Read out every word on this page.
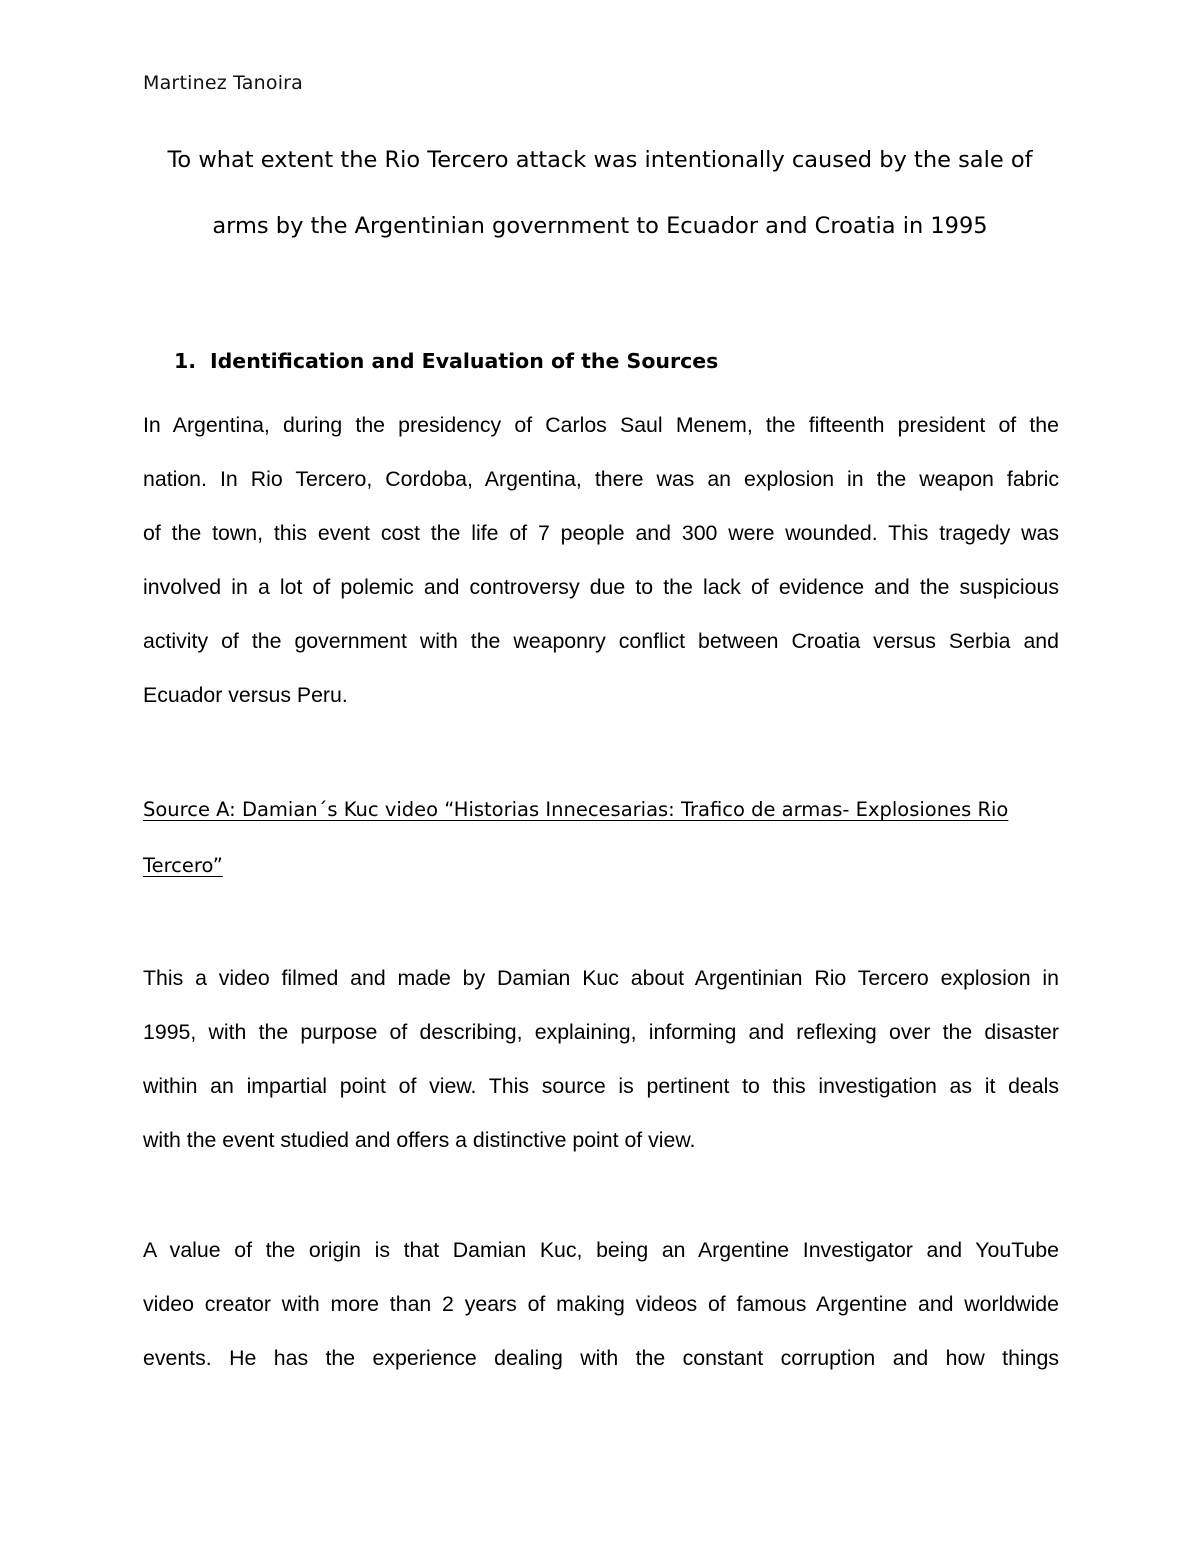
Martinez Tanoira
To what extent the Rio Tercero attack was intentionally caused by the sale of
arms by the Argentinian government to Ecuador and Croatia in 1995
1. Identification and Evaluation of the Sources
In Argentina, during the presidency of Carlos Saul Menem, the fifteenth president of the
nation. In Rio Tercero, Cordoba, Argentina, there was an explosion in the weapon fabric
of the town, this event cost the life of 7 people and 300 were wounded. This tragedy was
involved in a lot of polemic and controversy due to the lack of evidence and the suspicious
activity of the government with the weaponry conflict between Croatia versus Serbia and
Ecuador versus Peru.
Source A: Damian´s Kuc video “Historias Innecesarias: Trafico de armas- Explosiones Rio
Tercero”
This a video filmed and made by Damian Kuc about Argentinian Rio Tercero explosion in
1995, with the purpose of describing, explaining, informing and reflexing over the disaster
within an impartial point of view. This source is pertinent to this investigation as it deals
with the event studied and offers a distinctive point of view.
A value of the origin is that Damian Kuc, being an Argentine Investigator and YouTube
video creator with more than 2 years of making videos of famous Argentine and worldwide
events. He has the experience dealing with the constant corruption and how things
